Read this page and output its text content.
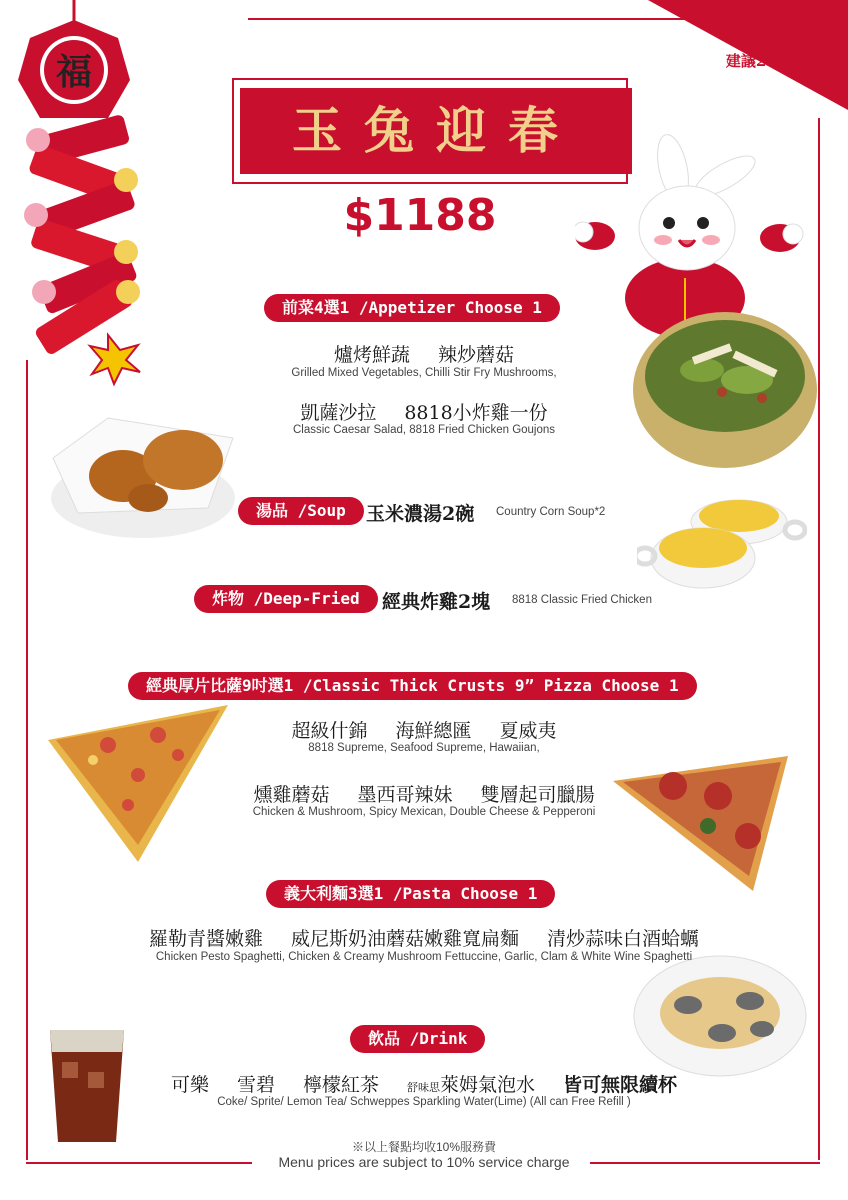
建議2-3人
福
玉兔迎春
$1188
前菜4選1 /Appetizer Choose 1
爐烤鮮蔬 辣炒蘑菇
Grilled Mixed Vegetables, Chilli Stir Fry Mushrooms,
凱薩沙拉 8818小炸雞一份
Classic Caesar Salad, 8818 Fried Chicken Goujons
湯品 /Soup	玉米濃湯2碗 Country Corn Soup*2
炸物 /Deep-Fried	經典炸雞2塊 8818 Classic Fried Chicken
經典厚片比薩9吋選1 /Classic Thick Crusts 9” Pizza Choose 1
超級什錦 海鮮總匯 夏威夷
8818 Supreme, Seafood Supreme, Hawaiian,
燻雞蘑菇 墨西哥辣妹 雙層起司臘腸
Chicken & Mushroom, Spicy Mexican, Double Cheese & Pepperoni
義大利麵3選1 /Pasta Choose 1
羅勒青醬嫩雞 威尼斯奶油蘑菇嫩雞寬扁麵 清炒蒜味白酒蛤蠣
Chicken Pesto Spaghetti, Chicken & Creamy Mushroom Fettuccine, Garlic, Clam & White Wine Spaghetti
飲品 /Drink
可樂 雪碧 檸檬紅茶	舒味思萊姆氣泡水 皆可無限續杯
Coke/ Sprite/ Lemon Tea/ Schweppes Sparkling Water(Lime) (All can Free Refill )
※以上餐點均收10%服務費
Menu prices are subject to 10% service charge
